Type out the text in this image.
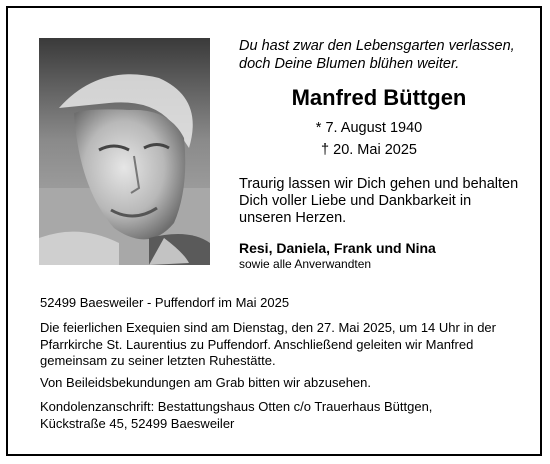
Du hast zwar den Lebensgarten verlassen,
doch Deine Blumen blühen weiter.
Manfred Büttgen
* 7. August 1940
† 20. Mai 2025
Traurig lassen wir Dich gehen und behalten
Dich voller Liebe und Dankbarkeit in
unseren Herzen.
Resi, Daniela, Frank und Nina
sowie alle Anverwandten
52499 Baesweiler - Puffendorf im Mai 2025
Die feierlichen Exequien sind am Dienstag, den 27. Mai 2025, um 14 Uhr in der
Pfarrkirche St. Laurentius zu Puffendorf. Anschließend geleiten wir Manfred
gemeinsam zu seiner letzten Ruhestätte.
Von Beileidsbekundungen am Grab bitten wir abzusehen.
Kondolenzanschrift: Bestattungshaus Otten c/o Trauerhaus Büttgen,
Kückstraße 45, 52499 Baesweiler
